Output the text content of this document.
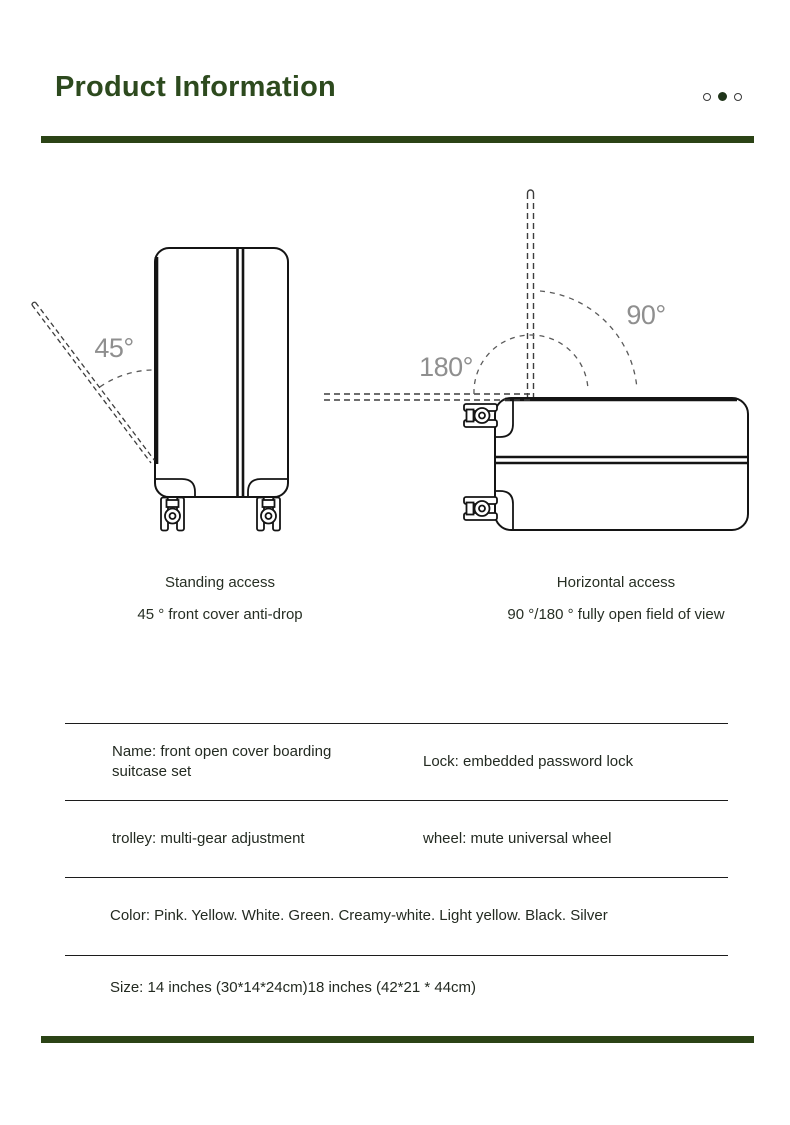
Product Information
45°
90°
180°
Standing access
45 ° front cover anti-drop
Horizontal access
90 °/180 ° fully open field of view
Name: front open cover boarding suitcase set
Lock: embedded password lock
trolley: multi-gear adjustment	wheel: mute universal wheel
Color: Pink. Yellow. White. Green. Creamy-white. Light yellow. Black. Silver
Size: 14 inches (30*14*24cm)18 inches (42*21 * 44cm)
